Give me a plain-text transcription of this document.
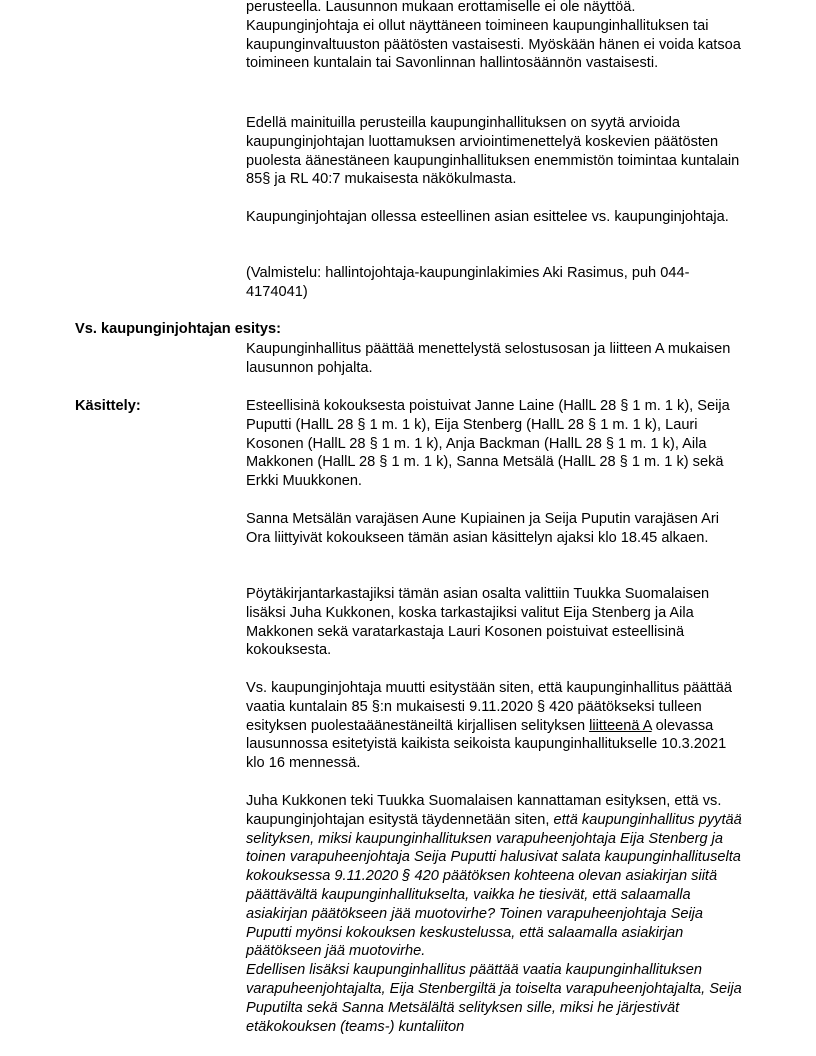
perusteella. Lausunnon mukaan erottamiselle ei ole näyttöä. Kaupunginjohtaja ei ollut näyttäneen toimineen kaupunginhallituksen tai kaupunginvaltuuston päätösten vastaisesti. Myöskään hänen ei voida katsoa toimineen kuntalain tai Savonlinnan hallintosäännön vastaisesti.

Edellä mainituilla perusteilla kaupunginhallituksen on syytä arvioida kaupunginjohtajan luottamuksen arviointimenettelyä koskevien päätösten puolesta äänestäneen kaupunginhallituksen enemmistön toimintaa kuntalain 85§ ja RL 40:7 mukaisesta näkökulmasta.

Kaupunginjohtajan ollessa esteellinen asian esittelee vs. kaupunginjohtaja.

(Valmistelu: hallintojohtaja-kaupunginlakimies Aki Rasimus, puh 044-4174041)

Vs. kaupunginjohtajan esitys:

Kaupunginhallitus päättää menettelystä selostusosan ja liitteen A mukaisen lausunnon pohjalta.

Käsittely:	Esteellisinä kokouksesta poistuivat Janne Laine (HallL 28 § 1 m. 1 k), Seija Puputti (HallL 28 § 1 m. 1 k), Eija Stenberg (HallL 28 § 1 m. 1 k), Lauri Kosonen (HallL 28 § 1 m. 1 k), Anja Backman (HallL 28 § 1 m. 1 k), Aila Makkonen (HallL 28 § 1 m. 1 k), Sanna Metsälä (HallL 28 § 1 m. 1 k) sekä Erkki Muukkonen.

Sanna Metsälän varajäsen Aune Kupiainen ja Seija Puputin varajäsen Ari Ora liittyivät kokoukseen tämän asian käsittelyn ajaksi klo 18.45 alkaen.

Pöytäkirjantarkastajiksi tämän asian osalta valittiin Tuukka Suomalaisen lisäksi Juha Kukkonen, koska tarkastajiksi valitut Eija Stenberg ja Aila Makkonen sekä varatarkastaja Lauri Kosonen poistuivat esteellisinä kokouksesta.

Vs. kaupunginjohtaja muutti esitystään siten, että kaupunginhallitus päättää vaatia kuntalain 85 §:n mukaisesti 9.11.2020 § 420 päätökseksi tulleen esityksen puolestaäänestäneiltä kirjallisen selityksen liitteenä A olevassa lausunnossa esitetyistä kaikista seikoista kaupunginhallitukselle 10.3.2021 klo 16 mennessä.

Juha Kukkonen teki Tuukka Suomalaisen kannattaman esityksen, että vs. kaupunginjohtajan esitystä täydennetään siten, että kaupunginhallitus pyytää selityksen, miksi kaupunginhallituksen varapuheenjohtaja Eija Stenberg ja toinen varapuheenjohtaja Seija Puputti halusivat salata kaupunginhallituselta kokouksessa 9.11.2020 § 420 päätöksen kohteena olevan asiakirjan siitä päättävältä kaupunginhallitukselta, vaikka he tiesivät, että salaamalla asiakirjan päätökseen jää muotovirhe? Toinen varapuheenjohtaja Seija Puputti myönsi kokouksen keskustelussa, että salaamalla asiakirjan päätökseen jää muotovirhe.
Edellisen lisäksi kaupunginhallitus päättää vaatia kaupunginhallituksen varapuheenjohtajalta, Eija Stenbergiltä ja toiselta varapuheenjohtajalta, Seija Puputilta sekä Sanna Metsälältä selityksen sille, miksi he järjestivät etäkokouksen (teams-) kuntaliiton
